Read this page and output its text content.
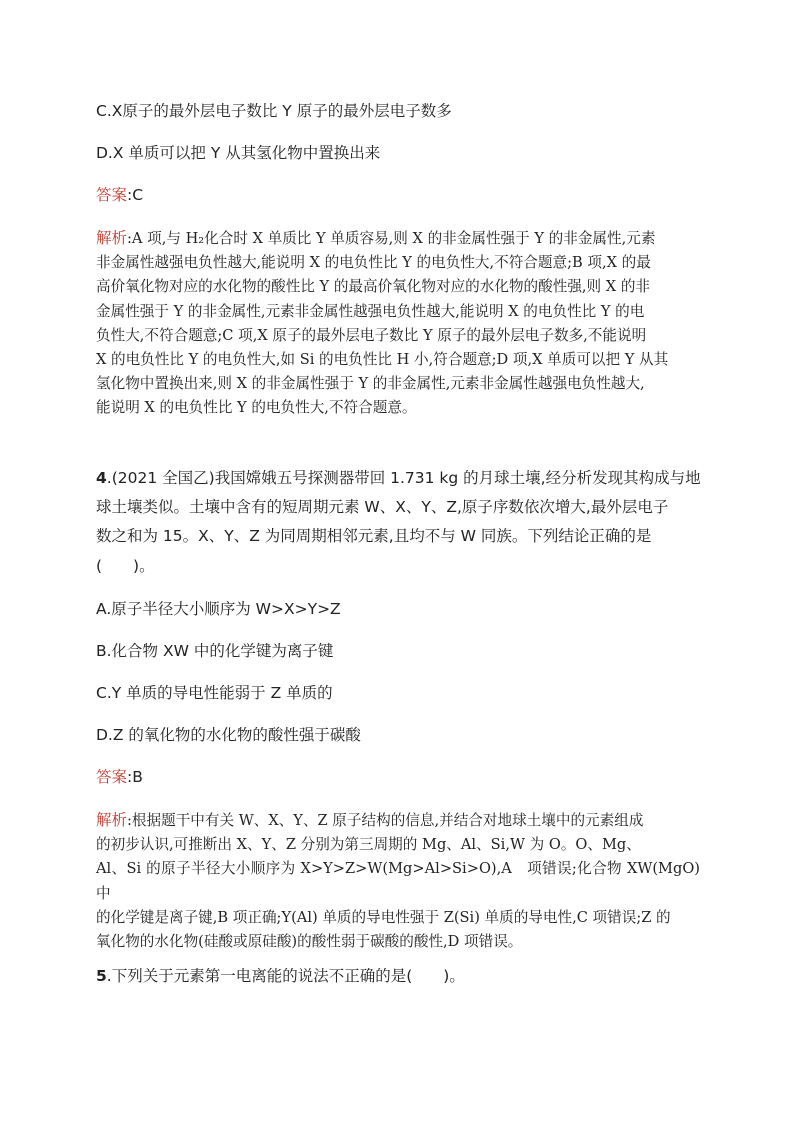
C.X原子的最外层电子数比 Y 原子的最外层电子数多
D.X 单质可以把 Y 从其氢化物中置换出来
答案:C
解析:A 项,与 H₂化合时 X 单质比 Y 单质容易,则 X 的非金属性强于 Y 的非金属性,元素
非金属性越强电负性越大,能说明 X 的电负性比 Y 的电负性大,不符合题意;B 项,X 的最
高价氧化物对应的水化物的酸性比 Y 的最高价氧化物对应的水化物的酸性强,则 X 的非
金属性强于 Y 的非金属性,元素非金属性越强电负性越大,能说明 X 的电负性比 Y 的电
负性大,不符合题意;C 项,X 原子的最外层电子数比 Y 原子的最外层电子数多,不能说明
X 的电负性比 Y 的电负性大,如 Si 的电负性比 H 小,符合题意;D 项,X 单质可以把 Y 从其
氢化物中置换出来,则 X 的非金属性强于 Y 的非金属性,元素非金属性越强电负性越大,
能说明 X 的电负性比 Y 的电负性大,不符合题意。
4.(2021 全国乙)我国嫦娥五号探测器带回 1.731 kg 的月球土壤,经分析发现其构成与地
球土壤类似。土壤中含有的短周期元素 W、X、Y、Z,原子序数依次增大,最外层电子
数之和为 15。X、Y、Z 为同周期相邻元素,且均不与 W 同族。下列结论正确的是
(　　)。
A.原子半径大小顺序为 W>X>Y>Z
B.化合物 XW 中的化学键为离子键
C.Y 单质的导电性能弱于 Z 单质的
D.Z 的氧化物的水化物的酸性强于碳酸
答案:B
解析:根据题干中有关 W、X、Y、Z 原子结构的信息,并结合对地球土壤中的元素组成
的初步认识,可推断出 X、Y、Z 分别为第三周期的 Mg、Al、Si,W 为 O。O、Mg、
Al、Si 的原子半径大小顺序为 X>Y>Z>W(Mg>Al>Si>O),A　项错误;化合物 XW(MgO) 中
的化学键是离子键,B 项正确;Y(Al) 单质的导电性强于 Z(Si) 单质的导电性,C 项错误;Z 的
氧化物的水化物(硅酸或原硅酸)的酸性弱于碳酸的酸性,D 项错误。
5.下列关于元素第一电离能的说法不正确的是(　　)。
